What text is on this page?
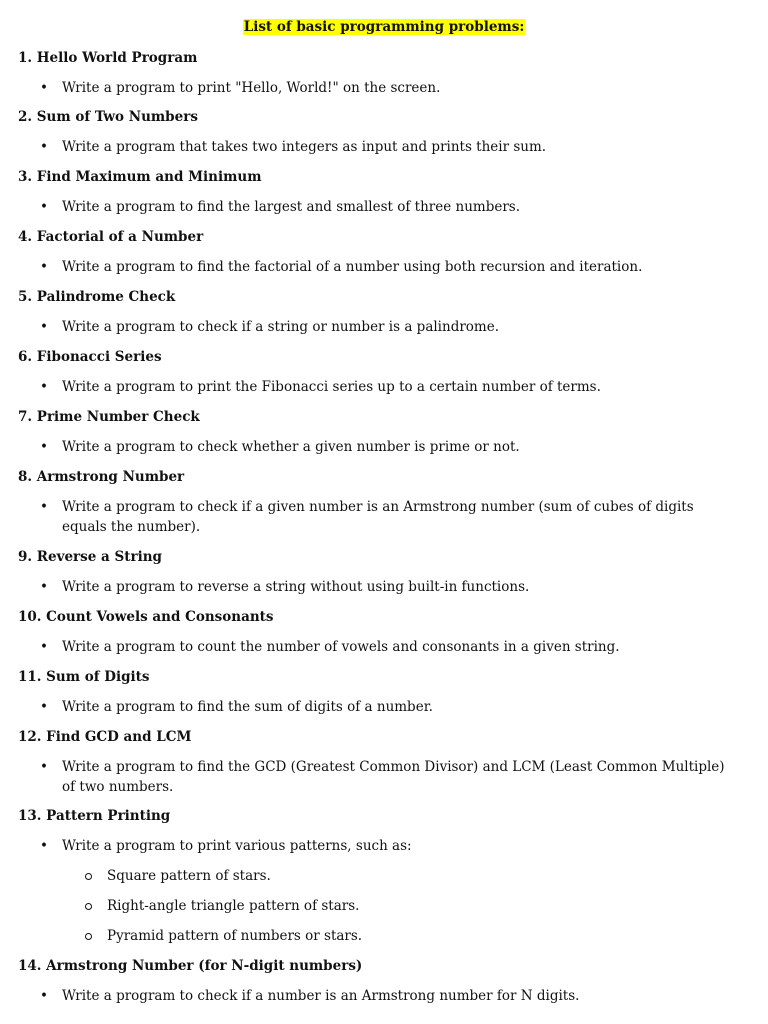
List of basic programming problems:
1. Hello World Program
• Write a program to print "Hello, World!" on the screen.
2. Sum of Two Numbers
• Write a program that takes two integers as input and prints their sum.
3. Find Maximum and Minimum
• Write a program to find the largest and smallest of three numbers.
4. Factorial of a Number
• Write a program to find the factorial of a number using both recursion and iteration.
5. Palindrome Check
• Write a program to check if a string or number is a palindrome.
6. Fibonacci Series
• Write a program to print the Fibonacci series up to a certain number of terms.
7. Prime Number Check
• Write a program to check whether a given number is prime or not.
8. Armstrong Number
• Write a program to check if a given number is an Armstrong number (sum of cubes of digits equals the number).
9. Reverse a String
• Write a program to reverse a string without using built-in functions.
10. Count Vowels and Consonants
• Write a program to count the number of vowels and consonants in a given string.
11. Sum of Digits
• Write a program to find the sum of digits of a number.
12. Find GCD and LCM
• Write a program to find the GCD (Greatest Common Divisor) and LCM (Least Common Multiple) of two numbers.
13. Pattern Printing
• Write a program to print various patterns, such as:
Square pattern of stars.
Right-angle triangle pattern of stars.
Pyramid pattern of numbers or stars.
14. Armstrong Number (for N-digit numbers)
• Write a program to check if a number is an Armstrong number for N digits.
